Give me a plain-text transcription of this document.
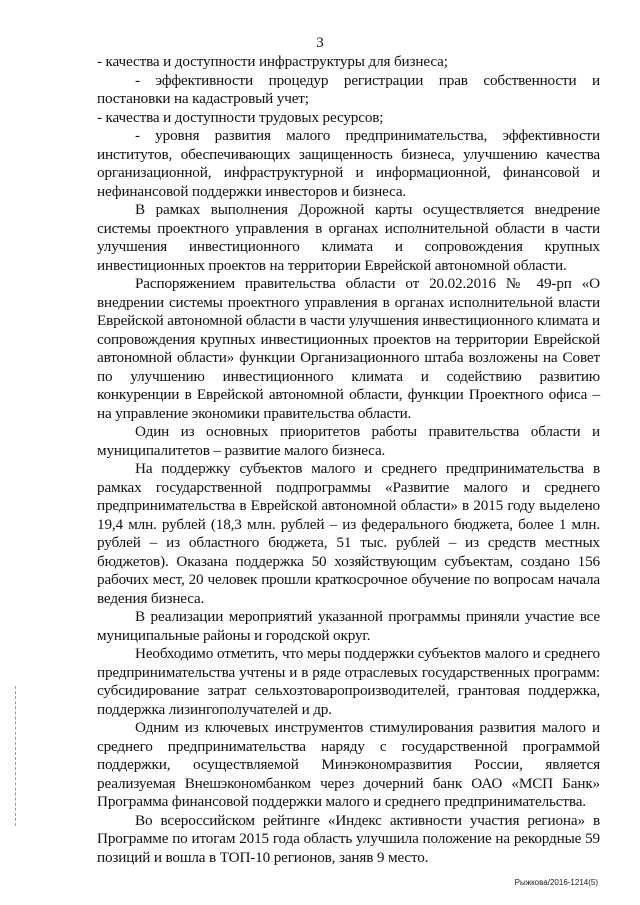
3

- качества и доступности инфраструктуры для бизнеса;

- эффективности процедур регистрации прав собственности и постановки на кадастровый учет;

- качества и доступности трудовых ресурсов;

- уровня развития малого предпринимательства, эффективности институтов, обеспечивающих защищенность бизнеса, улучшению качества организационной, инфраструктурной и информационной, финансовой и нефинансовой поддержки инвесторов и бизнеса.

В рамках выполнения Дорожной карты осуществляется внедрение системы проектного управления в органах исполнительной области в части улучшения инвестиционного климата и сопровождения крупных инвестиционных проектов на территории Еврейской автономной области.

Распоряжением правительства области от 20.02.2016 № 49-рп «О внедрении системы проектного управления в органах исполнительной власти Еврейской автономной области в части улучшения инвестиционного климата и сопровождения крупных инвестиционных проектов на территории Еврейской автономной области» функции Организационного штаба возложены на Совет по улучшению инвестиционного климата и содействию развитию конкуренции в Еврейской автономной области, функции Проектного офиса – на управление экономики правительства области.

Один из основных приоритетов работы правительства области и муниципалитетов – развитие малого бизнеса.

На поддержку субъектов малого и среднего предпринимательства в рамках государственной подпрограммы «Развитие малого и среднего предпринимательства в Еврейской автономной области» в 2015 году выделено 19,4 млн. рублей (18,3 млн. рублей – из федерального бюджета, более 1 млн. рублей – из областного бюджета, 51 тыс. рублей – из средств местных бюджетов). Оказана поддержка 50 хозяйствующим субъектам, создано 156 рабочих мест, 20 человек прошли краткосрочное обучение по вопросам начала ведения бизнеса.

В реализации мероприятий указанной программы приняли участие все муниципальные районы и городской округ.

Необходимо отметить, что меры поддержки субъектов малого и среднего предпринимательства учтены и в ряде отраслевых государственных программ: субсидирование затрат сельхозтоваропроизводителей, грантовая поддержка, поддержка лизингополучателей и др.

Одним из ключевых инструментов стимулирования развития малого и среднего предпринимательства наряду с государственной программой поддержки, осуществляемой Минэкономразвития России, является реализуемая Внешэкономбанком через дочерний банк ОАО «МСП Банк» Программа финансовой поддержки малого и среднего предпринимательства.

Во всероссийском рейтинге «Индекс активности участия региона» в Программе по итогам 2015 года область улучшила положение на рекордные 59 позиций и вошла в ТОП-10 регионов, заняв 9 место.

Рыжкова/2016-1214(5)
